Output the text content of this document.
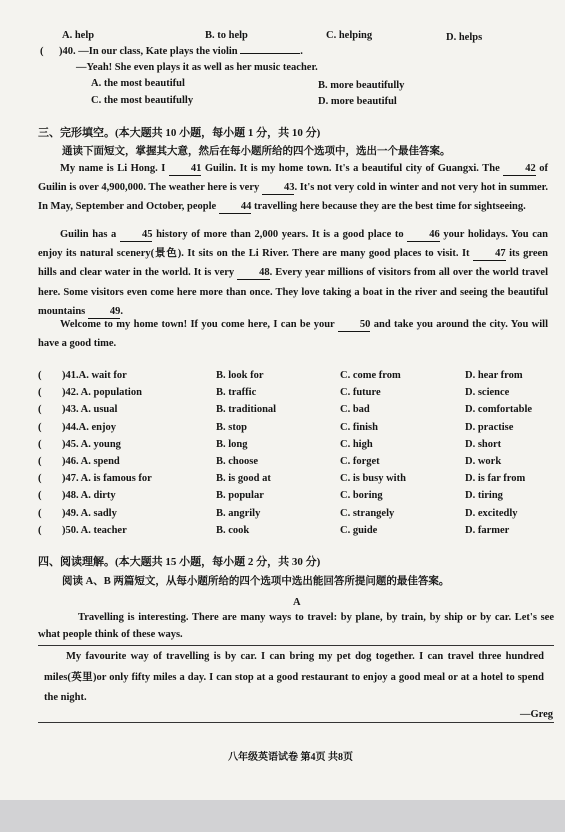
A. help	B. to help	C. helping	D. helps
( )40. —In our class, Kate plays the violin	.
—Yeah! She even plays it as well as her music teacher.
A. the most beautiful	B. more beautifully
C. the most beautifully	D. more beautiful
三、完形填空。(本大题共 10 小题，每小题 1 分，共 10 分)
通读下面短文，掌握其大意，然后在每小题所给的四个选项中，选出一个最佳答案。
My name is Li Hong. I 41 Guilin. It is my home town. It's a beautiful city of Guangxi. The 42 of Guilin is over 4,900,000. The weather here is very 43. It's not very cold in winter and not very hot in summer. In May, September and October, people 44 travelling here because they are the best time for sightseeing.
Guilin has a 45 history of more than 2,000 years. It is a good place to 46 your holidays. You can enjoy its natural scenery(景色). It sits on the Li River. There are many good places to visit. It 47 its green hills and clear water in the world. It is very 48. Every year millions of visitors from all over the world travel here. Some visitors even come here more than once. They love taking a boat in the river and seeing the beautiful mountains 49.
Welcome to my home town! If you come here, I can be your 50 and take you around the city. You will have a good time.
( )41.A. wait for	B. look for	C. come from	D. hear from
( )42. A. population	B. traffic	C. future	D. science
( )43. A. usual	B. traditional	C. bad	D. comfortable
( )44.A. enjoy	B. stop	C. finish	D. practise
( )45. A. young	B. long	C. high	D. short
( )46. A. spend	B. choose	C. forget	D. work
( )47. A. is famous for	B. is good at	C. is busy with	D. is far from
( )48. A. dirty	B. popular	C. boring	D. tiring
( )49. A. sadly	B. angrily	C. strangely	D. excitedly
( )50. A. teacher	B. cook	C. guide	D. farmer
四、阅读理解。(本大题共 15 小题，每小题 2 分，共 30 分)
阅读 A、B 两篇短文，从每小题所给的四个选项中选出能回答所提问题的最佳答案。
A
Travelling is interesting. There are many ways to travel: by plane, by train, by ship or by car. Let's see what people think of these ways.
My favourite way of travelling is by car. I can bring my pet dog together. I can travel three hundred miles(英里)or only fifty miles a day. I can stop at a good restaurant to enjoy a good meal or at a hotel to spend the night.
—Greg
八年级英语试卷 第4页 共8页
